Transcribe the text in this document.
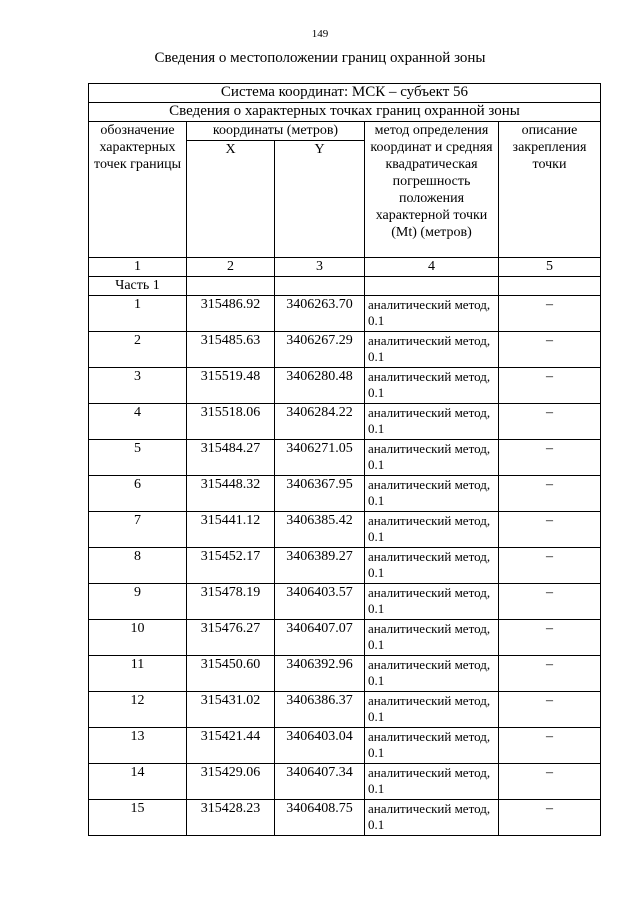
149
Сведения о местоположении границ охранной зоны
Система координат: МСК – субъект 56				
Сведения о характерных точках границ охранной зоны				
обозначение характерных точек границы	координаты (метров)		метод определения координат и средняя квадратическая погрешность положения характерной точки (Mt) (метров)	описание закрепления точки
	X	Y		
1	2	3	4	5
Часть 1				
1	315486.92	3406263.70	аналитический метод, 0.1	–
2	315485.63	3406267.29	аналитический метод, 0.1	–
3	315519.48	3406280.48	аналитический метод, 0.1	–
4	315518.06	3406284.22	аналитический метод, 0.1	–
5	315484.27	3406271.05	аналитический метод, 0.1	–
6	315448.32	3406367.95	аналитический метод, 0.1	–
7	315441.12	3406385.42	аналитический метод, 0.1	–
8	315452.17	3406389.27	аналитический метод, 0.1	–
9	315478.19	3406403.57	аналитический метод, 0.1	–
10	315476.27	3406407.07	аналитический метод, 0.1	–
11	315450.60	3406392.96	аналитический метод, 0.1	–
12	315431.02	3406386.37	аналитический метод, 0.1	–
13	315421.44	3406403.04	аналитический метод, 0.1	–
14	315429.06	3406407.34	аналитический метод, 0.1	–
15	315428.23	3406408.75	аналитический метод, 0.1	–
